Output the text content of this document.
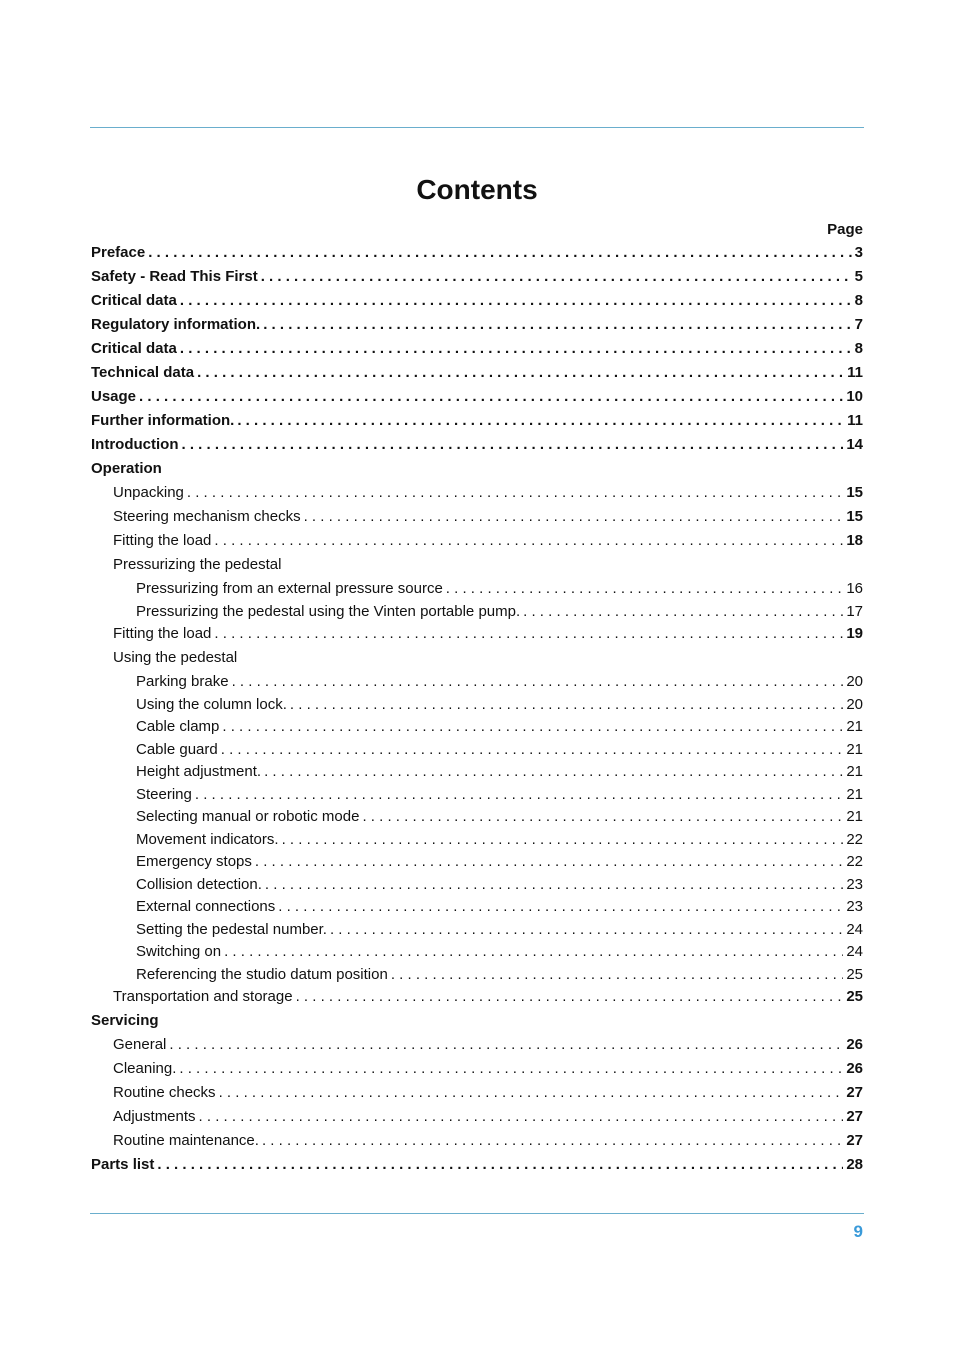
Contents
Page
Preface . . .	3
Safety - Read This First . . .	5
Critical data . . .	8
Regulatory information. . . .	7
Critical data . . .	8
Technical data . . .	11
Usage . . .	10
Further information. . . .	11
Introduction . . .	14
Operation
Unpacking . . .	15
Steering mechanism checks . . .	15
Fitting the load . . .	18
Pressurizing the pedestal
Pressurizing from an external pressure source . . .	16
Pressurizing the pedestal using the Vinten portable pump. . . .	17
Fitting the load . . .	19
Using the pedestal
Parking brake . . .	20
Using the column lock. . . .	20
Cable clamp . . .	21
Cable guard . . .	21
Height adjustment. . . .	21
Steering . . .	21
Selecting manual or robotic mode . . .	21
Movement indicators. . . .	22
Emergency stops . . .	22
Collision detection. . . .	23
External connections . . .	23
Setting the pedestal number. . . .	24
Switching on . . .	24
Referencing the studio datum position . . .	25
Transportation and storage . . .	25
Servicing
General . . .	26
Cleaning. . . .	26
Routine checks . . .	27
Adjustments . . .	27
Routine maintenance. . . .	27
Parts list . . .	28
9
